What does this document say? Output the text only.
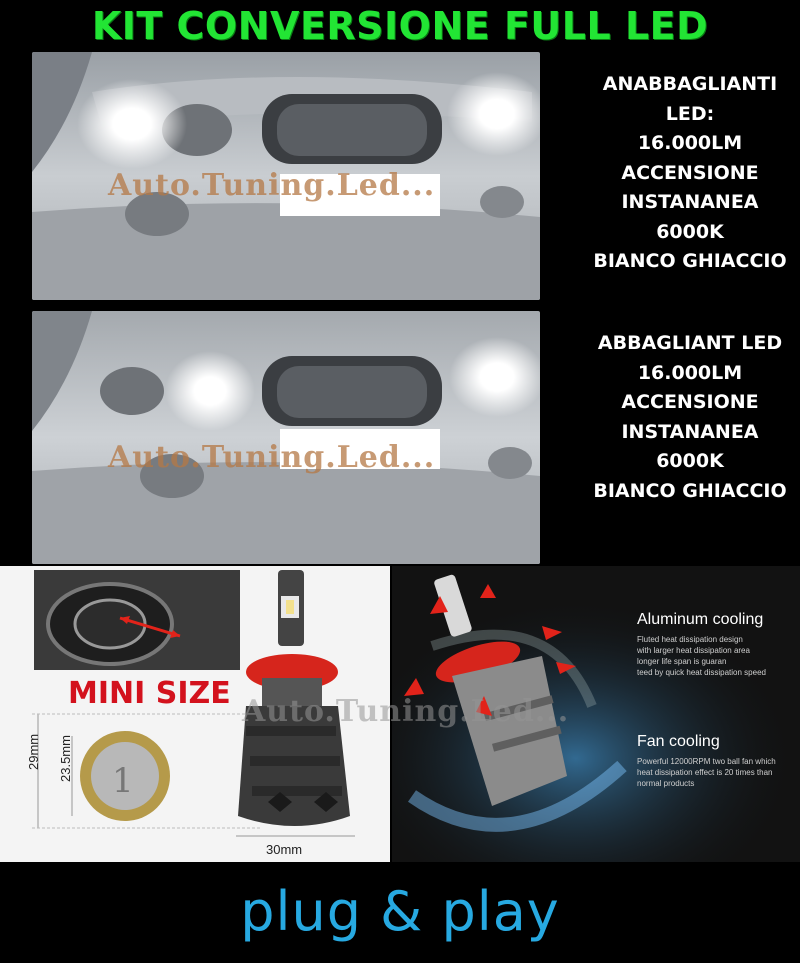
KIT CONVERSIONE FULL LED
Auto.Tuning.Led...
ANABBAGLIANTI
LED:
16.000LM
ACCENSIONE
INSTANANEA
6000K
BIANCO GHIACCIO
Auto.Tuning.Led...
ABBAGLIANT LED
16.000LM
ACCENSIONE
INSTANANEA
6000K
BIANCO GHIACCIO
1
MINI SIZE
29mm 23.5mm
30mm
Aluminum cooling
Fluted heat dissipation design
with larger heat dissipation area
longer life span is guaran
teed by quick heat dissipation speed
Fan cooling
Powerful 12000RPM two ball fan which
heat dissipation effect is 20 times than
normal products
Auto.Tuning.Led...
plug & play
